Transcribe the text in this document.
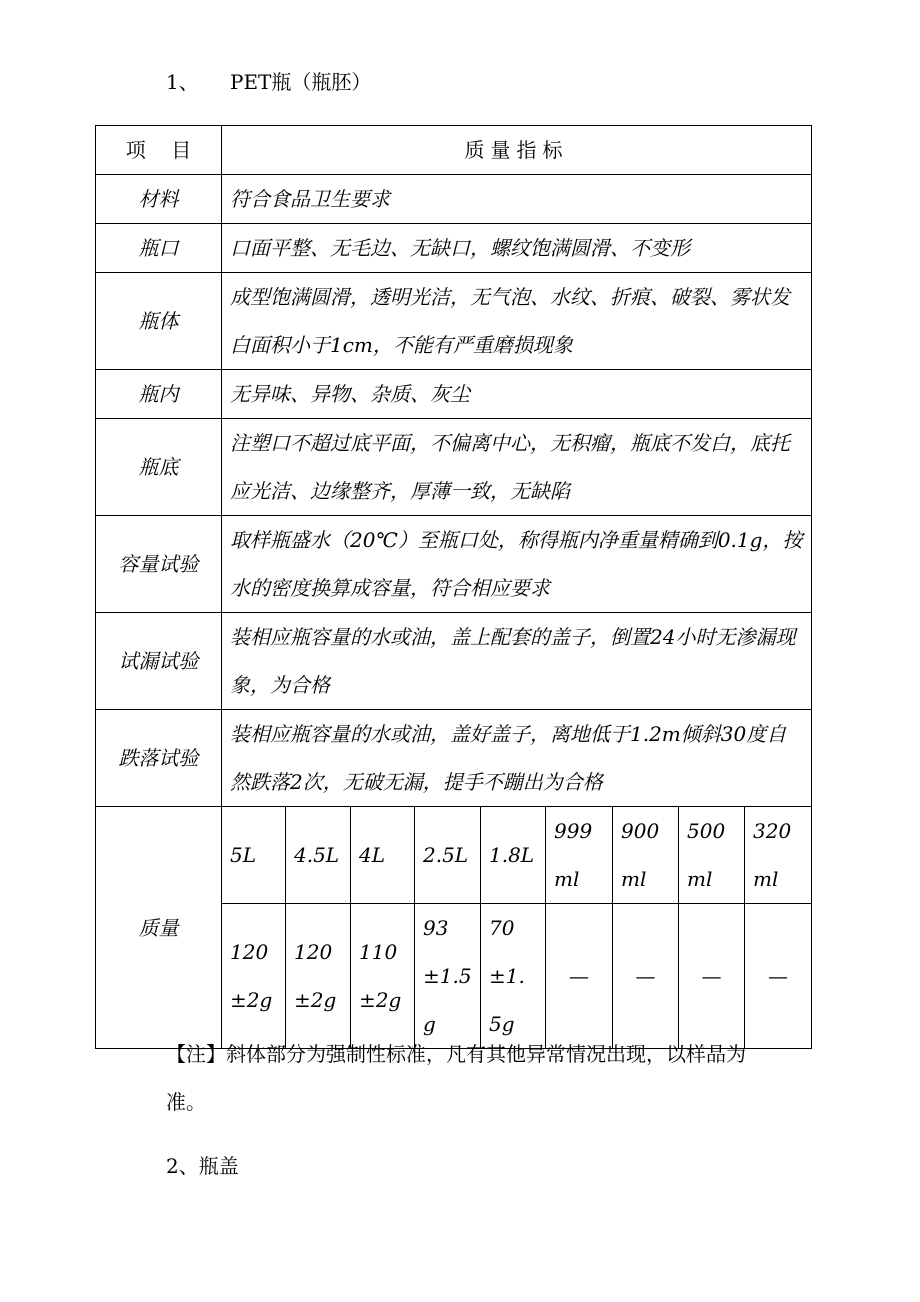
1、 PET瓶（瓶胚）
项    目	质量指标								
材料	符合食品卫生要求								
瓶口	口面平整、无毛边、无缺口，螺纹饱满圆滑、不变形								
瓶体	成型饱满圆滑，透明光洁，无气泡、水纹、折痕、破裂、雾状发白面积小于1cm，不能有严重磨损现象								
瓶内	无异味、异物、杂质、灰尘								
瓶底	注塑口不超过底平面，不偏离中心，无积瘤，瓶底不发白，底托应光洁、边缘整齐，厚薄一致，无缺陷								
容量试验	取样瓶盛水（20℃）至瓶口处，称得瓶内净重量精确到0.1g，按水的密度换算成容量，符合相应要求								
试漏试验	装相应瓶容量的水或油，盖上配套的盖子，倒置24小时无渗漏现象，为合格								
跌落试验	装相应瓶容量的水或油，盖好盖子，离地低于1.2m倾斜30度自然跌落2次，无破无漏，提手不蹦出为合格								
质量	5L	4.5L	4L	2.5L	1.8L	999ml	900ml	500ml	320ml
	120±2g	120±2g	110±2g	93±1.5g	70±1.5g	—	—	—	—
【注】斜体部分为强制性标准，凡有其他异常情况出现，以样品为准。
2、瓶盖
